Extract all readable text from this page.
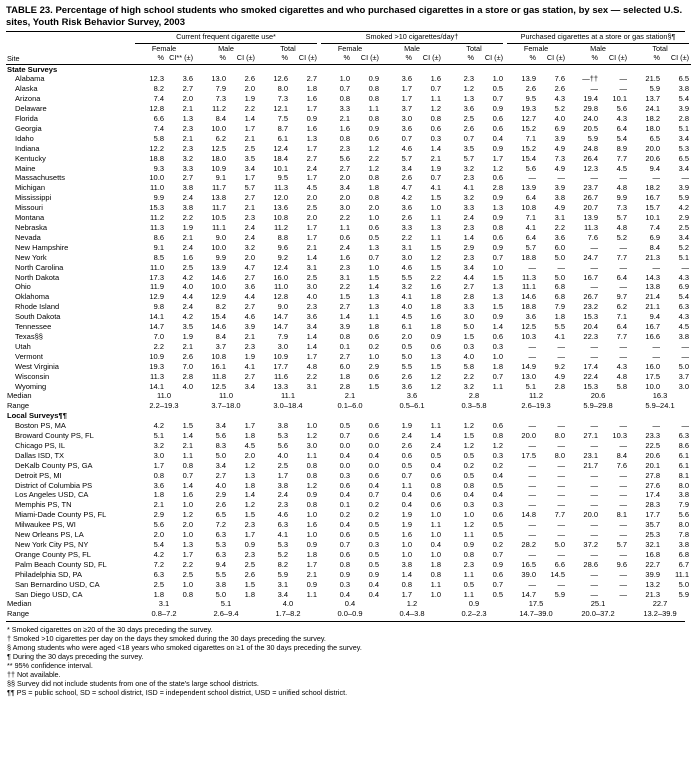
TABLE 23. Percentage of high school students who smoked cigarettes and who purchased cigarettes in a store or gas station, by sex — selected U.S. sites, Youth Risk Behavior Survey, 2003

	Current frequent cigarette use*						Smoked >10 cigarettes/day†						Purchased cigarettes at a store or gas station§¶					

	Female		Male		Total		Female		Male		Total		Female		Male		Total	
Site	%	CI** (±)	%	CI (±)	%	CI (±)	%	CI (±)	%	CI (±)	%	CI (±)	%	CI (±)	%	CI (±)	%	CI (±)
State Surveys																		
Alabama	12.3	3.6	13.0	2.6	12.6	2.7	1.0	0.9	3.6	1.6	2.3	1.0	13.9	7.6	—††	—	21.5	6.5
Alaska	8.2	2.7	7.9	2.0	8.0	1.8	0.7	0.8	1.7	0.7	1.2	0.5	2.6	2.6	—	—	5.9	3.8
Arizona	7.4	2.0	7.3	1.9	7.3	1.6	0.8	0.8	1.7	1.1	1.3	0.7	9.5	4.3	19.4	10.1	13.7	5.4
Delaware	12.8	2.1	11.2	2.2	12.1	1.7	3.3	1.1	3.7	1.2	3.6	0.9	19.3	5.2	29.8	5.6	24.1	3.9
Florida	6.6	1.3	8.4	1.4	7.5	0.9	2.1	0.8	3.0	0.8	2.5	0.6	12.7	4.0	24.0	4.3	18.2	2.8
Georgia	7.4	2.3	10.0	1.7	8.7	1.6	1.6	0.9	3.6	0.6	2.6	0.6	15.2	6.9	20.5	6.4	18.0	5.1
Idaho	5.8	2.1	6.2	2.1	6.1	1.3	0.8	0.6	0.7	0.3	0.7	0.4	7.1	3.9	5.9	5.4	6.5	3.4
Indiana	12.2	2.3	12.5	2.5	12.4	1.7	2.3	1.2	4.6	1.4	3.5	0.9	15.2	4.9	24.8	8.9	20.0	5.3
Kentucky	18.8	3.2	18.0	3.5	18.4	2.7	5.6	2.2	5.7	2.1	5.7	1.7	15.4	7.3	26.4	7.7	20.6	6.5
Maine	9.3	3.3	10.9	3.4	10.1	2.4	2.7	1.2	3.4	1.9	3.2	1.2	5.6	4.9	12.3	4.5	9.4	3.4
Massachusetts	10.0	2.7	9.1	1.7	9.5	1.7	2.0	0.8	2.6	0.7	2.3	0.6	—	—	—	—	—	—
Michigan	11.0	3.8	11.7	5.7	11.3	4.5	3.4	1.8	4.7	4.1	4.1	2.8	13.9	3.9	23.7	4.8	18.2	3.9
Mississippi	9.9	2.4	13.8	2.7	12.0	2.0	2.0	0.8	4.2	1.5	3.2	0.9	6.4	3.8	26.7	9.9	16.7	5.9
Missouri	15.3	3.8	11.7	2.1	13.6	2.5	3.0	2.0	3.6	1.0	3.3	1.3	10.8	4.9	20.7	7.3	15.7	4.2
Montana	11.2	2.2	10.5	2.3	10.8	2.0	2.2	1.0	2.6	1.1	2.4	0.9	7.1	3.1	13.9	5.7	10.1	2.9
Nebraska	11.3	1.9	11.1	2.4	11.2	1.7	1.1	0.6	3.3	1.3	2.3	0.8	4.1	2.2	11.3	4.8	7.4	2.5
Nevada	8.6	2.1	9.0	2.4	8.8	1.7	0.6	0.5	2.2	1.1	1.4	0.6	6.4	3.6	7.6	5.2	6.9	3.4
New Hampshire	9.1	2.4	10.0	3.2	9.6	2.1	2.4	1.3	3.1	1.5	2.9	0.9	5.7	6.0	—	—	8.4	5.2
New York	8.5	1.6	9.9	2.0	9.2	1.4	1.6	0.7	3.0	1.2	2.3	0.7	18.8	5.0	24.7	7.7	21.3	5.1
North Carolina	11.0	2.5	13.9	4.7	12.4	3.1	2.3	1.0	4.6	1.5	3.4	1.0	—	—	—	—	—	—
North Dakota	17.3	4.2	14.6	2.7	16.0	2.5	3.1	1.5	5.5	2.2	4.4	1.5	11.3	5.0	16.7	6.4	14.3	4.3
Ohio	11.9	4.0	10.0	3.6	11.0	3.0	2.2	1.4	3.2	1.6	2.7	1.3	11.1	6.8	—	—	13.8	6.9
Oklahoma	12.9	4.4	12.9	4.4	12.8	4.0	1.5	1.3	4.1	1.8	2.8	1.3	14.6	6.8	26.7	9.7	21.4	5.4
Rhode Island	9.8	2.4	8.2	2.7	9.0	2.3	2.7	1.3	4.0	1.8	3.3	1.5	18.8	7.9	23.2	6.2	21.1	6.3
South Dakota	14.1	4.2	15.4	4.6	14.7	3.6	1.4	1.1	4.5	1.6	3.0	0.9	3.6	1.8	15.3	7.1	9.4	4.3
Tennessee	14.7	3.5	14.6	3.9	14.7	3.4	3.9	1.8	6.1	1.8	5.0	1.4	12.5	5.5	20.4	6.4	16.7	4.5
Texas§§	7.0	1.9	8.4	2.1	7.9	1.4	0.8	0.6	2.0	0.9	1.5	0.6	10.3	4.1	22.3	7.7	16.6	3.8
Utah	2.2	2.1	3.7	2.3	3.0	1.4	0.1	0.2	0.5	0.6	0.3	0.3	—	—	—	—	—	—
Vermont	10.9	2.6	10.8	1.9	10.9	1.7	2.7	1.0	5.0	1.3	4.0	1.0	—	—	—	—	—	—
West Virginia	19.3	7.0	16.1	4.1	17.7	4.8	6.0	2.9	5.5	1.5	5.8	1.8	14.9	9.2	17.4	4.3	16.0	5.0
Wisconsin	11.3	2.8	11.8	2.7	11.6	2.2	1.8	0.6	2.6	1.2	2.2	0.7	13.0	4.9	22.4	4.8	17.5	3.7
Wyoming	14.1	4.0	12.5	3.4	13.3	3.1	2.8	1.5	3.6	1.2	3.2	1.1	5.1	2.8	15.3	5.8	10.0	3.0
Median	11.0		11.0		11.1		2.1		3.6		2.8		11.2		20.6		16.3	
Range	2.2–19.3		3.7–18.0		3.0–18.4		0.1–6.0		0.5–6.1		0.3–5.8		2.6–19.3		5.9–29.8		5.9–24.1	
Local Surveys¶¶																		
Boston PS, MA	4.2	1.5	3.4	1.7	3.8	1.0	0.5	0.6	1.9	1.1	1.2	0.6	—	—	—	—	—	—
Broward County PS, FL	5.1	1.4	5.6	1.8	5.3	1.2	0.7	0.6	2.4	1.4	1.5	0.8	20.0	8.0	27.1	10.3	23.3	6.3
Chicago PS, IL	3.2	2.1	8.3	4.5	5.6	3.0	0.0	0.0	2.6	2.4	1.2	1.2	—	—	—	—	22.5	8.6
Dallas ISD, TX	3.0	1.1	5.0	2.0	4.0	1.1	0.4	0.4	0.6	0.5	0.5	0.3	17.5	8.0	23.1	8.4	20.6	6.1
DeKalb County PS, GA	1.7	0.8	3.4	1.2	2.5	0.8	0.0	0.0	0.5	0.4	0.2	0.2	—	—	21.7	7.6	20.1	6.1
Detroit PS, MI	0.8	0.7	2.7	1.3	1.7	0.8	0.3	0.6	0.7	0.6	0.5	0.4	—	—	—	—	27.8	8.1
District of Columbia PS	3.6	1.4	4.0	1.8	3.8	1.2	0.6	0.4	1.1	0.8	0.8	0.5	—	—	—	—	27.6	8.0
Los Angeles USD, CA	1.8	1.6	2.9	1.4	2.4	0.9	0.4	0.7	0.4	0.6	0.4	0.4	—	—	—	—	17.4	3.8
Memphis PS, TN	2.1	1.0	2.6	1.2	2.3	0.8	0.1	0.2	0.4	0.6	0.3	0.3	—	—	—	—	28.3	7.9
Miami-Dade County PS, FL	2.9	1.2	6.5	1.5	4.6	1.0	0.2	0.2	1.9	1.0	1.0	0.6	14.8	7.7	20.0	8.1	17.7	5.6
Milwaukee PS, WI	5.6	2.0	7.2	2.3	6.3	1.6	0.4	0.5	1.9	1.1	1.2	0.5	—	—	—	—	35.7	8.0
New Orleans PS, LA	2.0	1.0	6.3	1.7	4.1	1.0	0.6	0.5	1.6	1.0	1.1	0.5	—	—	—	—	25.3	7.8
New York City PS, NY	5.4	1.3	5.3	0.9	5.3	0.9	0.7	0.3	1.0	0.4	0.9	0.2	28.2	5.0	37.2	5.7	32.1	3.8
Orange County PS, FL	4.2	1.7	6.3	2.3	5.2	1.8	0.6	0.5	1.0	1.0	0.8	0.7	—	—	—	—	16.8	6.8
Palm Beach County SD, FL	7.2	2.2	9.4	2.5	8.2	1.7	0.8	0.5	3.8	1.8	2.3	0.9	16.5	6.6	28.6	9.6	22.7	6.7
Philadelphia SD, PA	6.3	2.5	5.5	2.6	5.9	2.1	0.9	0.9	1.4	0.8	1.1	0.6	39.0	14.5	—	—	39.9	11.1
San Bernardino USD, CA	2.5	1.0	3.8	1.5	3.1	0.9	0.3	0.4	0.8	1.1	0.5	0.7	—	—	—	—	13.2	5.0
San Diego USD, CA	1.8	0.8	5.0	1.8	3.4	1.1	0.4	0.4	1.7	1.0	1.1	0.5	14.7	5.9	—	—	21.3	5.9
Median	3.1		5.1		4.0		0.4		1.2		0.9		17.5		25.1		22.7	
Range	0.8–7.2		2.6–9.4		1.7–8.2		0.0–0.9		0.4–3.8		0.2–2.3		14.7–39.0		20.0–37.2		13.2–39.9	
* Smoked cigarettes on ≥20 of the 30 days preceding the survey.
† Smoked >10 cigarettes per day on the days they smoked during the 30 days preceding the survey.
§ Among students who were aged <18 years who smoked cigarettes on ≥1 of the 30 days preceding the survey.
¶ During the 30 days preceding the survey.
** 95% confidence interval.
†† Not available.
§§ Survey did not include students from one of the state's large school districts.
¶¶ PS = public school, SD = school district, ISD = independent school district, USD = unified school district.
